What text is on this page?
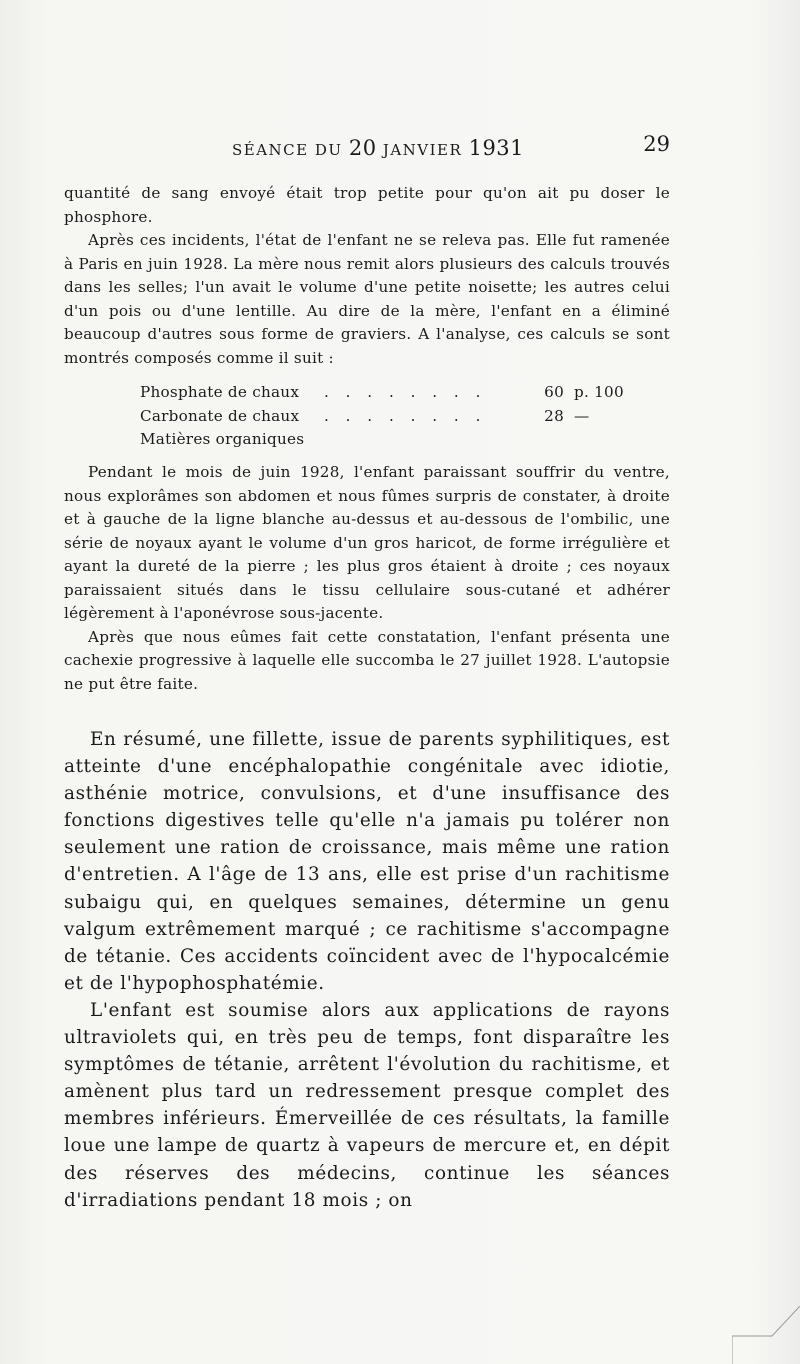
SÉANCE DU 20 JANVIER 1931	29

quantité de sang envoyé était trop petite pour qu'on ait pu doser le phosphore.

Après ces incidents, l'état de l'enfant ne se releva pas. Elle fut ramenée à Paris en juin 1928. La mère nous remit alors plusieurs des calculs trouvés dans les selles; l'un avait le volume d'une petite noisette; les autres celui d'un pois ou d'une lentille. Au dire de la mère, l'enfant en a éliminé beaucoup d'autres sous forme de graviers. A l'analyse, ces calculs se sont montrés composés comme il suit :

Phosphate de chaux	. . . . . . . .	60 p. 100
Carbonate de chaux	. . . . . . . .	28 —
Matières organiques

Pendant le mois de juin 1928, l'enfant paraissant souffrir du ventre, nous explorâmes son abdomen et nous fûmes surpris de constater, à droite et à gauche de la ligne blanche au-dessus et au-dessous de l'ombilic, une série de noyaux ayant le volume d'un gros haricot, de forme irrégulière et ayant la dureté de la pierre ; les plus gros étaient à droite ; ces noyaux paraissaient situés dans le tissu cellulaire sous-cutané et adhérer légèrement à l'aponévrose sous-jacente.

Après que nous eûmes fait cette constatation, l'enfant présenta une cachexie progressive à laquelle elle succomba le 27 juillet 1928. L'autopsie ne put être faite.

En résumé, une fillette, issue de parents syphilitiques, est atteinte d'une encéphalopathie congénitale avec idiotie, asthénie motrice, convulsions, et d'une insuffisance des fonctions digestives telle qu'elle n'a jamais pu tolérer non seulement une ration de croissance, mais même une ration d'entretien. A l'âge de 13 ans, elle est prise d'un rachitisme subaigu qui, en quelques semaines, détermine un genu valgum extrêmement marqué ; ce rachitisme s'accompagne de tétanie. Ces accidents coïncident avec de l'hypocalcémie et de l'hypophosphatémie.

L'enfant est soumise alors aux applications de rayons ultraviolets qui, en très peu de temps, font disparaître les symptômes de tétanie, arrêtent l'évolution du rachitisme, et amènent plus tard un redressement presque complet des membres inférieurs. Émerveillée de ces résultats, la famille loue une lampe de quartz à vapeurs de mercure et, en dépit des réserves des médecins, continue les séances d'irradiations pendant 18 mois ; on
